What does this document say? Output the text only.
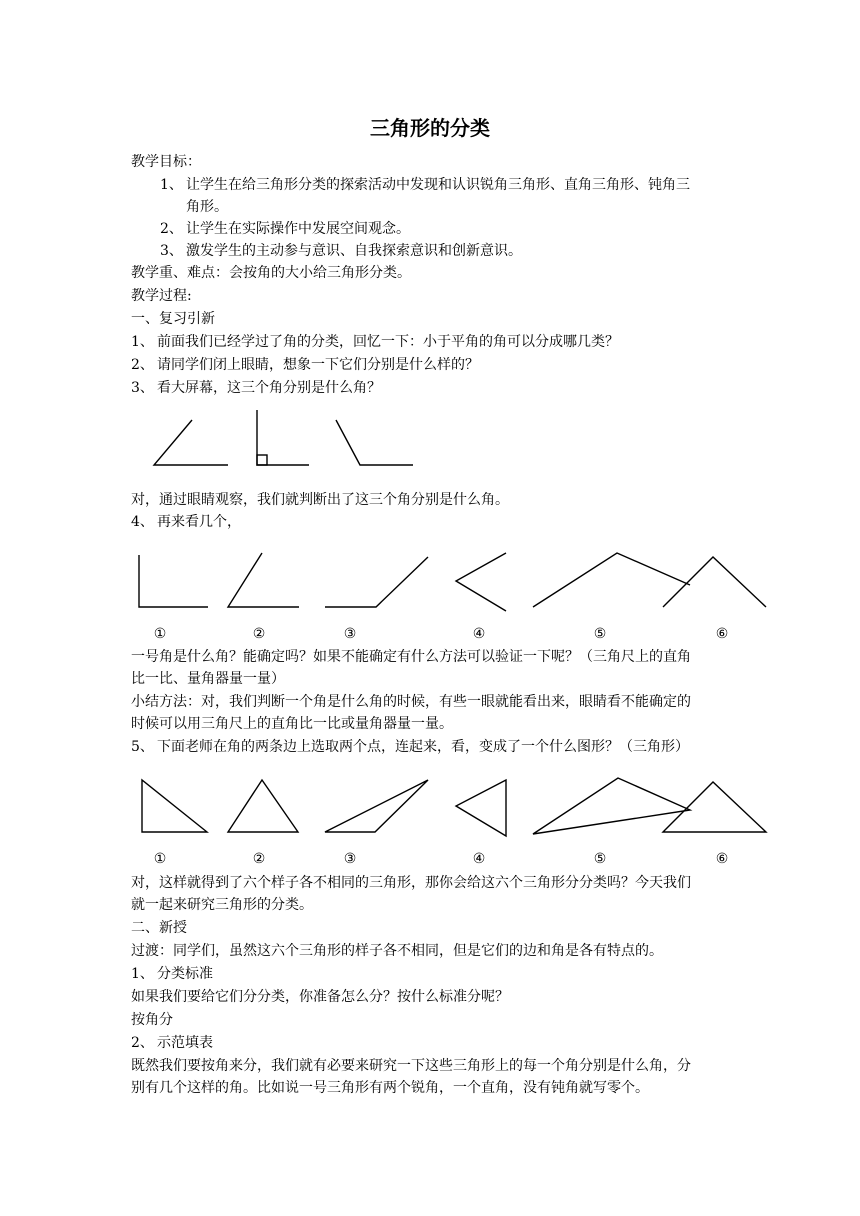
三角形的分类
教学目标：
1、 让学生在给三角形分类的探索活动中发现和认识锐角三角形、直角三角形、钝角三
角形。
2、 让学生在实际操作中发展空间观念。
3、 激发学生的主动参与意识、自我探索意识和创新意识。
教学重、难点：会按角的大小给三角形分类。
教学过程:
一、复习引新
1、 前面我们已经学过了角的分类，回忆一下：小于平角的角可以分成哪几类？
2、 请同学们闭上眼睛，想象一下它们分别是什么样的？
3、 看大屏幕，这三个角分别是什么角？
对，通过眼睛观察，我们就判断出了这三个角分别是什么角。
4、 再来看几个，
①	②	③	④	⑤	⑥
一号角是什么角？能确定吗？如果不能确定有什么方法可以验证一下呢？（三角尺上的直角
比一比、量角器量一量）
小结方法：对，我们判断一个角是什么角的时候，有些一眼就能看出来，眼睛看不能确定的
时候可以用三角尺上的直角比一比或量角器量一量。
5、 下面老师在角的两条边上选取两个点，连起来，看，变成了一个什么图形？（三角形）
①	②	③	④	⑤	⑥
对，这样就得到了六个样子各不相同的三角形，那你会给这六个三角形分分类吗？今天我们
就一起来研究三角形的分类。
二、新授
过渡：同学们，虽然这六个三角形的样子各不相同，但是它们的边和角是各有特点的。
1、 分类标准
如果我们要给它们分分类，你准备怎么分？按什么标准分呢？
按角分
2、 示范填表
既然我们要按角来分，我们就有必要来研究一下这些三角形上的每一个角分别是什么角，分
别有几个这样的角。比如说一号三角形有两个锐角，一个直角，没有钝角就写零个。
